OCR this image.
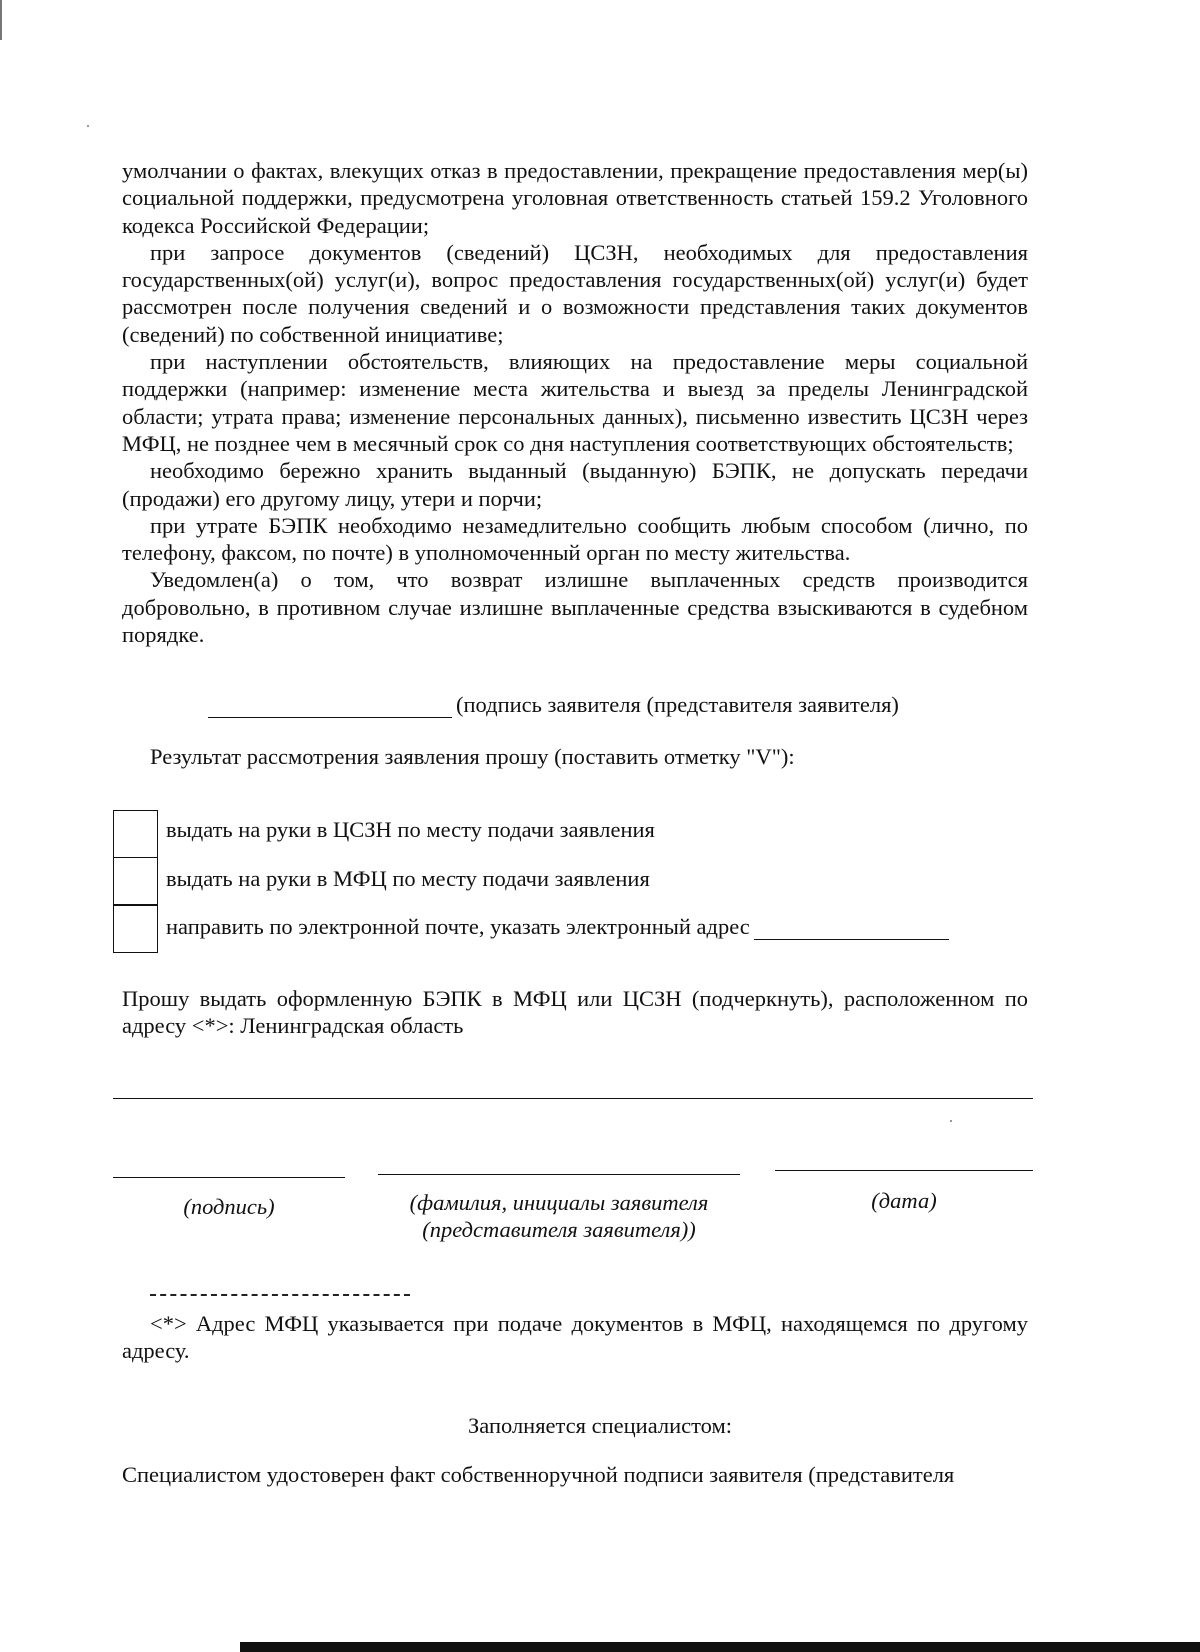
умолчании о фактах, влекущих отказ в предоставлении, прекращение предоставления мер(ы) социальной поддержки, предусмотрена уголовная ответственность статьей 159.2 Уголовного кодекса Российской Федерации;

при запросе документов (сведений) ЦСЗН, необходимых для предоставления государственных(ой) услуг(и), вопрос предоставления государственных(ой) услуг(и) будет рассмотрен после получения сведений и о возможности представления таких документов (сведений) по собственной инициативе;

при наступлении обстоятельств, влияющих на предоставление меры социальной поддержки (например: изменение места жительства и выезд за пределы Ленинградской области; утрата права; изменение персональных данных), письменно известить ЦСЗН через МФЦ, не позднее чем в месячный срок со дня наступления соответствующих обстоятельств;

необходимо бережно хранить выданный (выданную) БЭПК, не допускать передачи (продажи) его другому лицу, утери и порчи;

при утрате БЭПК необходимо незамедлительно сообщить любым способом (лично, по телефону, факсом, по почте) в уполномоченный орган по месту жительства.

Уведомлен(а) о том, что возврат излишне выплаченных средств производится добровольно, в противном случае излишне выплаченные средства взыскиваются в судебном порядке.

(подпись заявителя (представителя заявителя)
Результат рассмотрения заявления прошу (поставить отметку "V"):
выдать на руки в ЦСЗН по месту подачи заявления
выдать на руки в МФЦ по месту подачи заявления
направить по электронной почте, указать электронный адрес

Прошу выдать оформленную БЭПК в МФЦ или ЦСЗН (подчеркнуть), расположенном по адресу <*>: Ленинградская область

(подпись)	(фамилия, инициалы заявителя
(представителя заявителя))
(дата)

<*> Адрес МФЦ указывается при подаче документов в МФЦ, находящемся по другому адресу.

Заполняется специалистом:
Специалистом удостоверен факт собственноручной подписи заявителя (представителя
